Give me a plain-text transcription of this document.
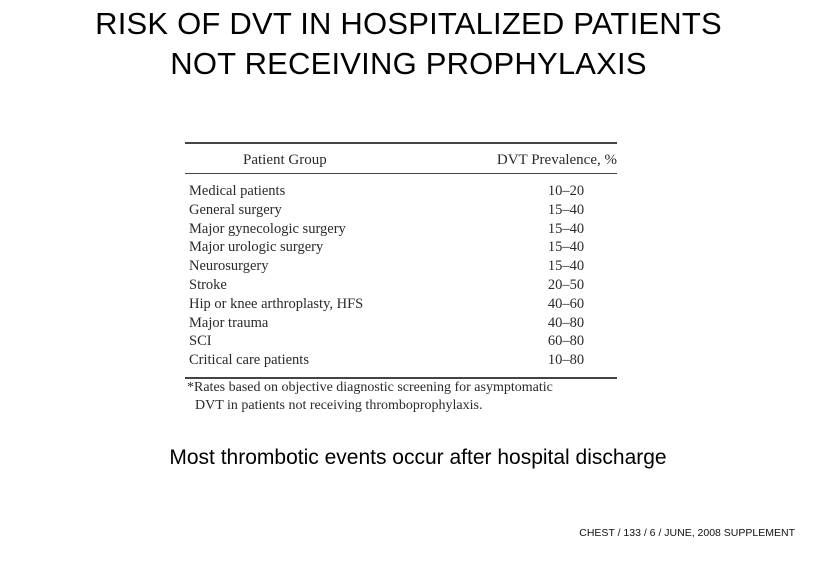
RISK OF DVT IN HOSPITALIZED PATIENTS
NOT RECEIVING PROPHYLAXIS
Patient Group	DVT Prevalence, %
Medical patients	10–20
General surgery	15–40
Major gynecologic surgery	15–40
Major urologic surgery	15–40
Neurosurgery	15–40
Stroke	20–50
Hip or knee arthroplasty, HFS	40–60
Major trauma	40–80
SCI	60–80
Critical care patients	10–80
*Rates based on objective diagnostic screening for asymptomatic
DVT in patients not receiving thromboprophylaxis.
Most thrombotic events occur after hospital discharge
CHEST / 133 / 6 / JUNE, 2008 SUPPLEMENT
